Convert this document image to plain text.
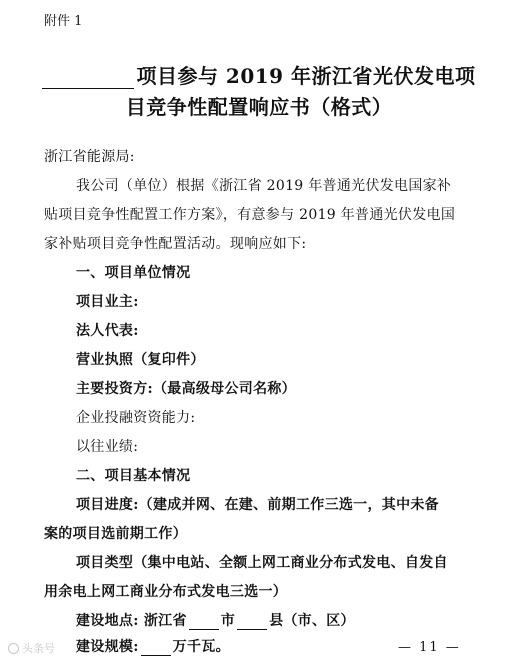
附件 1
项目参与 2019 年浙江省光伏发电项
目竞争性配置响应书（格式）
浙江省能源局:
我公司（单位）根据《浙江省 2019 年普通光伏发电国家补
贴项目竞争性配置工作方案》，有意参与 2019 年普通光伏发电国
家补贴项目竞争性配置活动。现响应如下:
一、项目单位情况
项目业主:
法人代表:
营业执照（复印件）
主要投资方:（最高级母公司名称）
企业投融资资能力:
以往业绩:
二、项目基本情况
项目进度:（建成并网、在建、前期工作三选一，其中未备
案的项目选前期工作）
项目类型（集中电站、全额上网工商业分布式发电、自发自
用余电上网工商业分布式发电三选一）
建设地点: 浙江省 市 县（市、区）
建设规模: 万千瓦。
头条号	— 11 —
